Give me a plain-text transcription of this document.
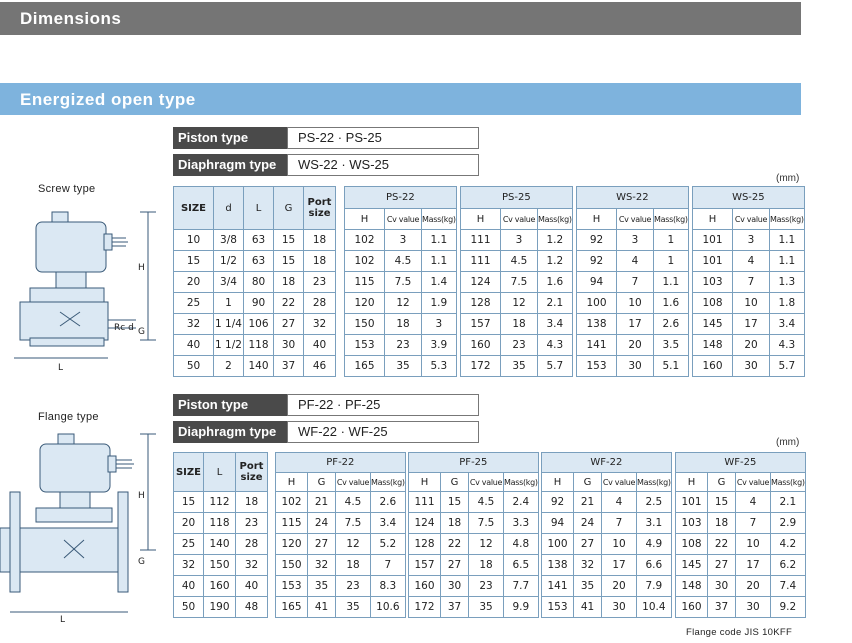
Dimensions
Energized open type
Piston type	PS-22 · PS-25
Diaphragm type	WS-22 · WS-25
(mm)
Screw type
Piston type	PF-22 · PF-25
Diaphragm type	WF-22 · WF-25
(mm)
Flange type
Flange code JIS 10KFF
H
G
Rc d
L
H
G
L
SIZE	d	L	G	Port size
10	3/8	63	15	18
15	1/2	63	15	18
20	3/4	80	18	23
25	1	90	22	28
32	1 1/4	106	27	32
40	1 1/2	118	30	40
50	2	140	37	46
PS-22		
H	Cv value	Mass(kg)
102	3	1.1
102	4.5	1.1
115	7.5	1.4
120	12	1.9
150	18	3
153	23	3.9
165	35	5.3
PS-25		
H	Cv value	Mass(kg)
111	3	1.2
111	4.5	1.2
124	7.5	1.6
128	12	2.1
157	18	3.4
160	23	4.3
172	35	5.7
WS-22		
H	Cv value	Mass(kg)
92	3	1
92	4	1
94	7	1.1
100	10	1.6
138	17	2.6
141	20	3.5
153	30	5.1
WS-25		
H	Cv value	Mass(kg)
101	3	1.1
101	4	1.1
103	7	1.3
108	10	1.8
145	17	3.4
148	20	4.3
160	30	5.7
SIZE	L	Port size
15	112	18
20	118	23
25	140	28
32	150	32
40	160	40
50	190	48
PF-22			
H	G	Cv value	Mass(kg)
102	21	4.5	2.6
115	24	7.5	3.4
120	27	12	5.2
150	32	18	7
153	35	23	8.3
165	41	35	10.6
PF-25			
H	G	Cv value	Mass(kg)
111	15	4.5	2.4
124	18	7.5	3.3
128	22	12	4.8
157	27	18	6.5
160	30	23	7.7
172	37	35	9.9
WF-22			
H	G	Cv value	Mass(kg)
92	21	4	2.5
94	24	7	3.1
100	27	10	4.9
138	32	17	6.6
141	35	20	7.9
153	41	30	10.4
WF-25			
H	G	Cv value	Mass(kg)
101	15	4	2.1
103	18	7	2.9
108	22	10	4.2
145	27	17	6.2
148	30	20	7.4
160	37	30	9.2
